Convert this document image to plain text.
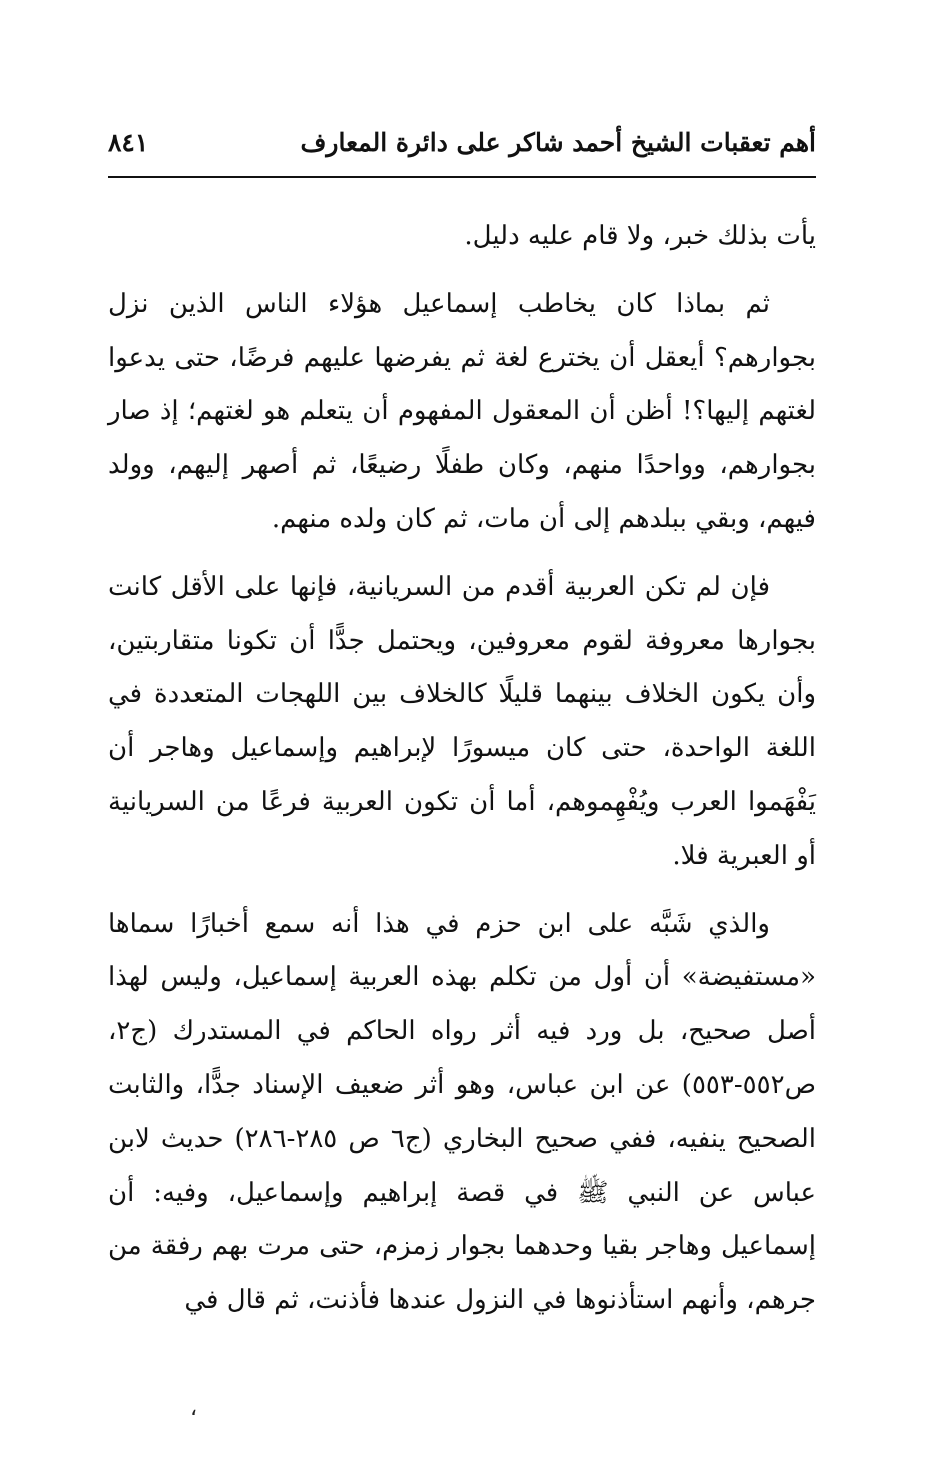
أهم تعقبات الشيخ أحمد شاكر على دائرة المعارف
٨٤١

يأت بذلك خبر، ولا قام عليه دليل.

ثم بماذا كان يخاطب إسماعيل هؤلاء الناس الذين نزل بجوارهم؟ أيعقل أن يخترع لغة ثم يفرضها عليهم فرضًا، حتى يدعوا لغتهم إليها؟! أظن أن المعقول المفهوم أن يتعلم هو لغتهم؛ إذ صار بجوارهم، وواحدًا منهم، وكان طفلًا رضيعًا، ثم أصهر إليهم، وولد فيهم، وبقي ببلدهم إلى أن مات، ثم كان ولده منهم.

فإن لم تكن العربية أقدم من السريانية، فإنها على الأقل كانت بجوارها معروفة لقوم معروفين، ويحتمل جدًّا أن تكونا متقاربتين، وأن يكون الخلاف بينهما قليلًا كالخلاف بين اللهجات المتعددة في اللغة الواحدة، حتى كان ميسورًا لإبراهيم وإسماعيل وهاجر أن يَفْهَموا العرب ويُفْهِموهم، أما أن تكون العربية فرعًا من السريانية أو العبرية فلا.

والذي شَبَّه على ابن حزم في هذا أنه سمع أخبارًا سماها «مستفيضة» أن أول من تكلم بهذه العربية إسماعيل، وليس لهذا أصل صحيح، بل ورد فيه أثر رواه الحاكم في المستدرك (ج٢، ص٥٥٢-٥٥٣) عن ابن عباس، وهو أثر ضعيف الإسناد جدًّا، والثابت الصحيح ينفيه، ففي صحيح البخاري (ج٦ ص ٢٨٥-٢٨٦) حديث لابن عباس عن النبي ﷺ في قصة إبراهيم وإسماعيل، وفيه: أن إسماعيل وهاجر بقيا وحدهما بجوار زمزم، حتى مرت بهم رفقة من جرهم، وأنهم استأذنوها في النزول عندها فأذنت، ثم قال في

،
